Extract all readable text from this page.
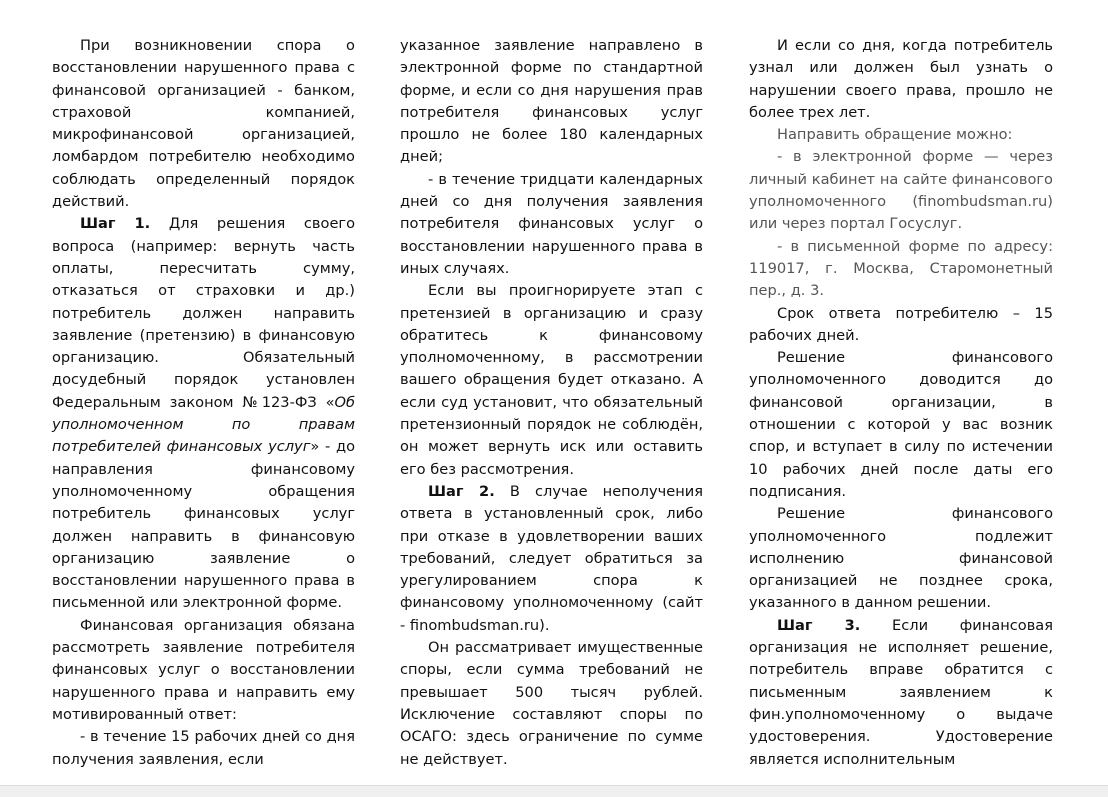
При возникновении спора о восстановлении нарушенного права с финансовой организацией - банком, страховой компанией, микрофинансовой организацией, ломбардом потребителю необходимо соблюдать определенный порядок действий.

Шаг 1. Для решения своего вопроса (например: вернуть часть оплаты, пересчитать сумму, отказаться от страховки и др.) потребитель должен направить заявление (претензию) в финансовую организацию. Обязательный досудебный порядок установлен Федеральным законом №123-ФЗ «Об уполномоченном по правам потребителей финансовых услуг» - до направления финансовому уполномоченному обращения потребитель финансовых услуг должен направить в финансовую организацию заявление о восстановлении нарушенного права в письменной или электронной форме.

Финансовая организация обязана рассмотреть заявление потребителя финансовых услуг о восстановлении нарушенного права и направить ему мотивированный ответ:

- в течение 15 рабочих дней со дня получения заявления, если

указанное заявление направлено в электронной форме по стандартной форме, и если со дня нарушения прав потребителя финансовых услуг прошло не более 180 календарных дней;

- в течение тридцати календарных дней со дня получения заявления потребителя финансовых услуг о восстановлении нарушенного права в иных случаях.

Если вы проигнорируете этап с претензией в организацию и сразу обратитесь к финансовому уполномоченному, в рассмотрении вашего обращения будет отказано. А если суд установит, что обязательный претензионный порядок не соблюдён, он может вернуть иск или оставить его без рассмотрения.

Шаг 2. В случае неполучения ответа в установленный срок, либо при отказе в удовлетворении ваших требований, следует обратиться за урегулированием спора к финансовому уполномоченному (сайт - finombudsman.ru).

Он рассматривает имущественные споры, если сумма требований не превышает 500 тысяч рублей. Исключение составляют споры по ОСАГО: здесь ограничение по сумме не действует.

И если со дня, когда потребитель узнал или должен был узнать о нарушении своего права, прошло не более трех лет.

Направить обращение можно:

- в электронной форме — через личный кабинет на сайте финансового уполномоченного (finombudsman.ru) или через портал Госуслуг.

- в письменной форме по адресу: 119017, г. Москва, Старомонетный пер., д. 3.

Срок ответа потребителю – 15 рабочих дней.

Решение финансового уполномоченного доводится до финансовой организации, в отношении с которой у вас возник спор, и вступает в силу по истечении 10 рабочих дней после даты его подписания.

Решение финансового уполномоченного подлежит исполнению финансовой организацией не позднее срока, указанного в данном решении.

Шаг 3. Если финансовая организация не исполняет решение, потребитель вправе обратится с письменным заявлением к фин.уполномоченному о выдаче удостоверения. Удостоверение является исполнительным
